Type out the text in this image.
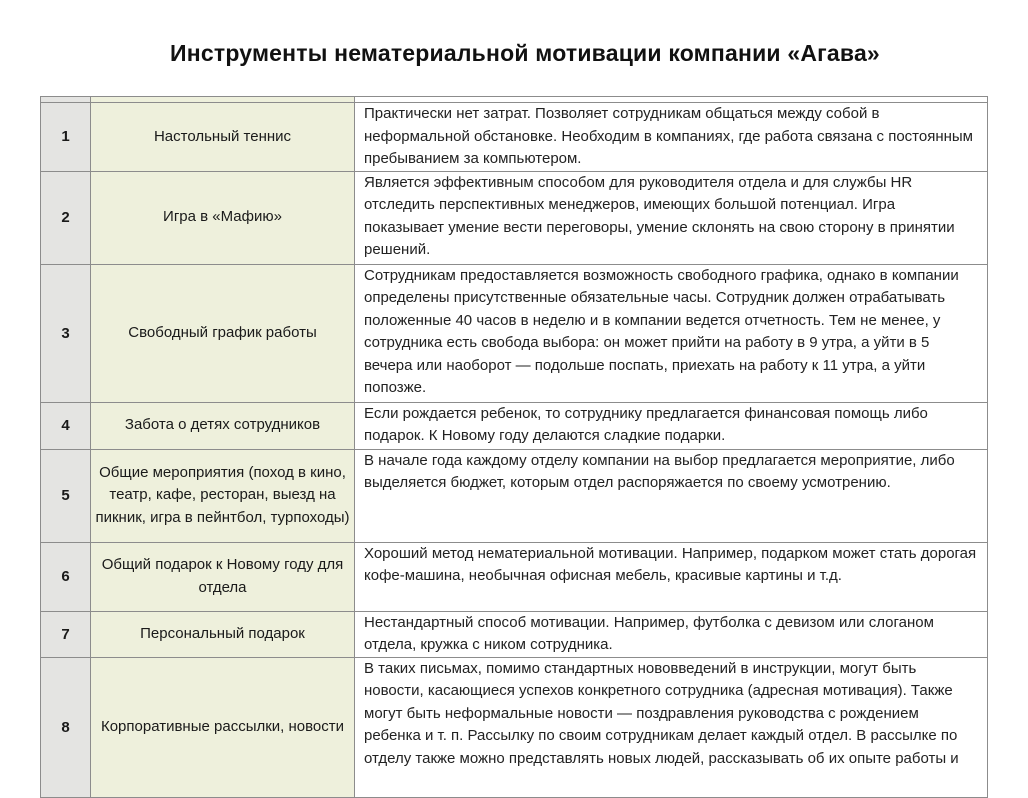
Инструменты нематериальной мотивации компании «Агава»

1	Настольный теннис	Практически нет затрат. Позволяет сотрудникам общаться между собой в неформальной обстановке. Необходим в компаниях, где работа связана с постоянным пребыванием за компьютером.
2	Игра в «Мафию»	Является эффективным способом для руководителя отдела и для службы HR отследить перспективных менеджеров, имеющих большой потенциал. Игра показывает умение вести переговоры, умение склонять на свою сторону в принятии решений.
3	Свободный график работы	Сотрудникам предоставляется возможность свободного графика, однако в компании определены присутственные обязательные часы. Сотрудник должен отрабатывать положенные 40 часов в неделю и в компании ведется отчетность. Тем не менее, у сотрудника есть свобода выбора: он может прийти на работу в 9 утра, а уйти в 5 вечера или наоборот — подольше поспать, приехать на работу к 11 утра, а уйти попозже.
4	Забота о детях сотрудников	Если рождается ребенок, то сотруднику предлагается финансовая помощь либо подарок. К Новому году делаются сладкие подарки.
5	Общие мероприятия (поход в кино, театр, кафе, ресторан, выезд на пикник, игра в пейнтбол, турпоходы)	В начале года каждому отделу компании на выбор предлагается мероприятие, либо выделяется бюджет, которым отдел распоряжается по своему усмотрению.
6	Общий подарок к Новому году для отдела	Хороший метод нематериальной мотивации. Например, подарком может стать дорогая кофе-машина, необычная офисная мебель, красивые картины и т.д.
7	Персональный подарок	Нестандартный способ мотивации. Например, футболка с девизом или слоганом отдела, кружка с ником сотрудника.
8	Корпоративные рассылки, новости	В таких письмах, помимо стандартных нововведений в инструкции, могут быть новости, касающиеся успехов конкретного сотрудника (адресная мотивация). Также могут быть неформальные новости — поздравления руководства с рождением ребенка и т. п. Рассылку по своим сотрудникам делает каждый отдел. В рассылке по отделу также можно представлять новых людей, рассказывать об их опыте работы и
